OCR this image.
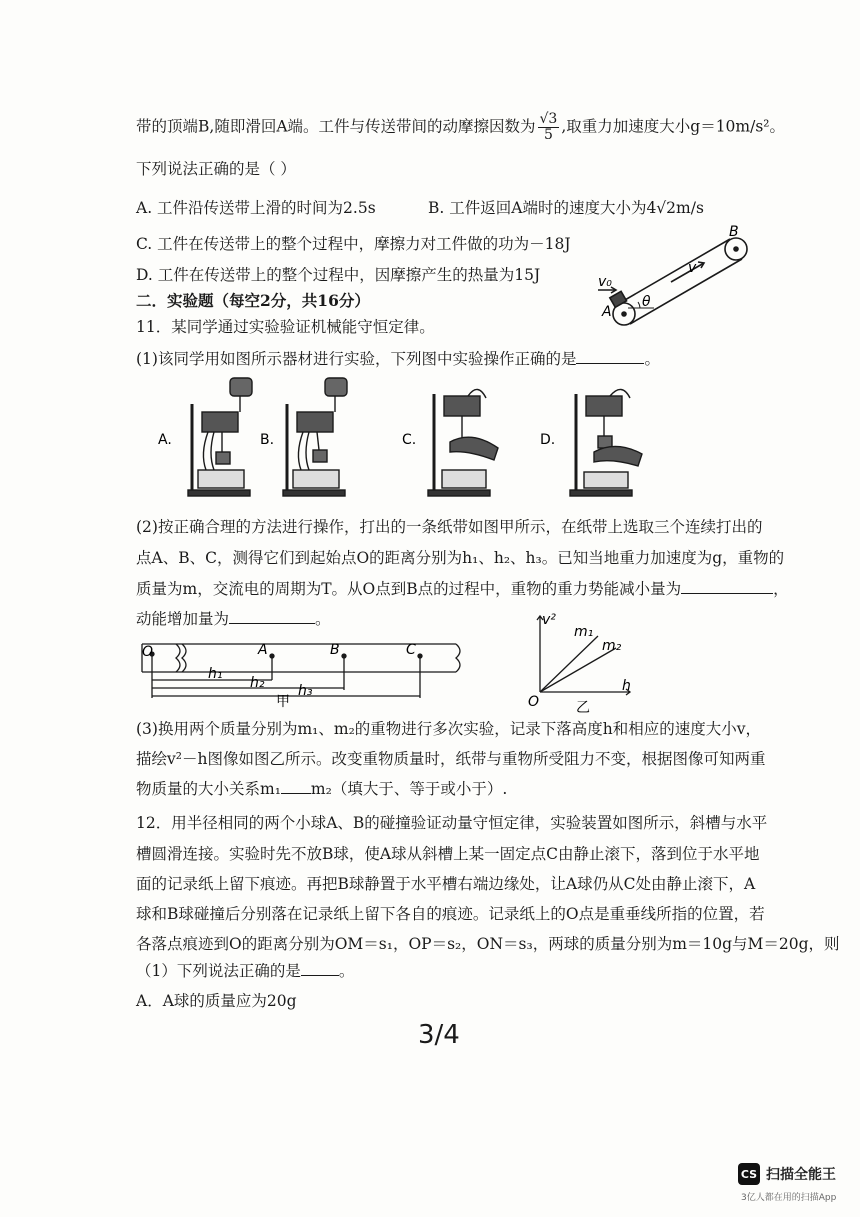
带的顶端B,随即滑回A端。工件与传送带间的动摩擦因数为 $\frac{√3}{5}$ ,取重力加速度大小g＝10m/s²。
下列说法正确的是（ ）
A. 工件沿传送带上滑的时间为2.5s	B. 工件返回A端时的速度大小为4√2m/s
C. 工件在传送带上的整个过程中，摩擦力对工件做的功为－18J
D. 工件在传送带上的整个过程中，因摩擦产生的热量为15J
B
v
v₀
A
θ
二．实验题（每空2分，共16分）
11．某同学通过实验验证机械能守恒定律。
(1)该同学用如图所示器材进行实验，下列图中实验操作正确的是	。
A.	B.	C.	D.
(2)按正确合理的方法进行操作，打出的一条纸带如图甲所示，在纸带上选取三个连续打出的
点A、B、C，测得它们到起始点O的距离分别为h₁、h₂、h₃。已知当地重力加速度为g，重物的
质量为m，交流电的周期为T。从O点到B点的过程中，重物的重力势能减小量为	，
动能增加量为	。
O	A	B	C
h₁
h₂ h₃
甲
v²
h
O
m₁
m₂
乙
(3)换用两个质量分别为m₁、m₂的重物进行多次实验，记录下落高度h和相应的速度大小v，
描绘v²－h图像如图乙所示。改变重物质量时，纸带与重物所受阻力不变，根据图像可知两重
物质量的大小关系m₁ m₂（填大于、等于或小于）.
12．用半径相同的两个小球A、B的碰撞验证动量守恒定律，实验装置如图所示，斜槽与水平
槽圆滑连接。实验时先不放B球，使A球从斜槽上某一固定点C由静止滚下，落到位于水平地
面的记录纸上留下痕迹。再把B球静置于水平槽右端边缘处，让A球仍从C处由静止滚下，A
球和B球碰撞后分别落在记录纸上留下各自的痕迹。记录纸上的O点是重垂线所指的位置，若
各落点痕迹到O的距离分别为OM＝s₁，OP＝s₂，ON＝s₃，两球的质量分别为m＝10g与M＝20g，则
（1）下列说法正确的是 。
A．A球的质量应为20g
3/4
CS 扫描全能王
3亿人都在用的扫描App
